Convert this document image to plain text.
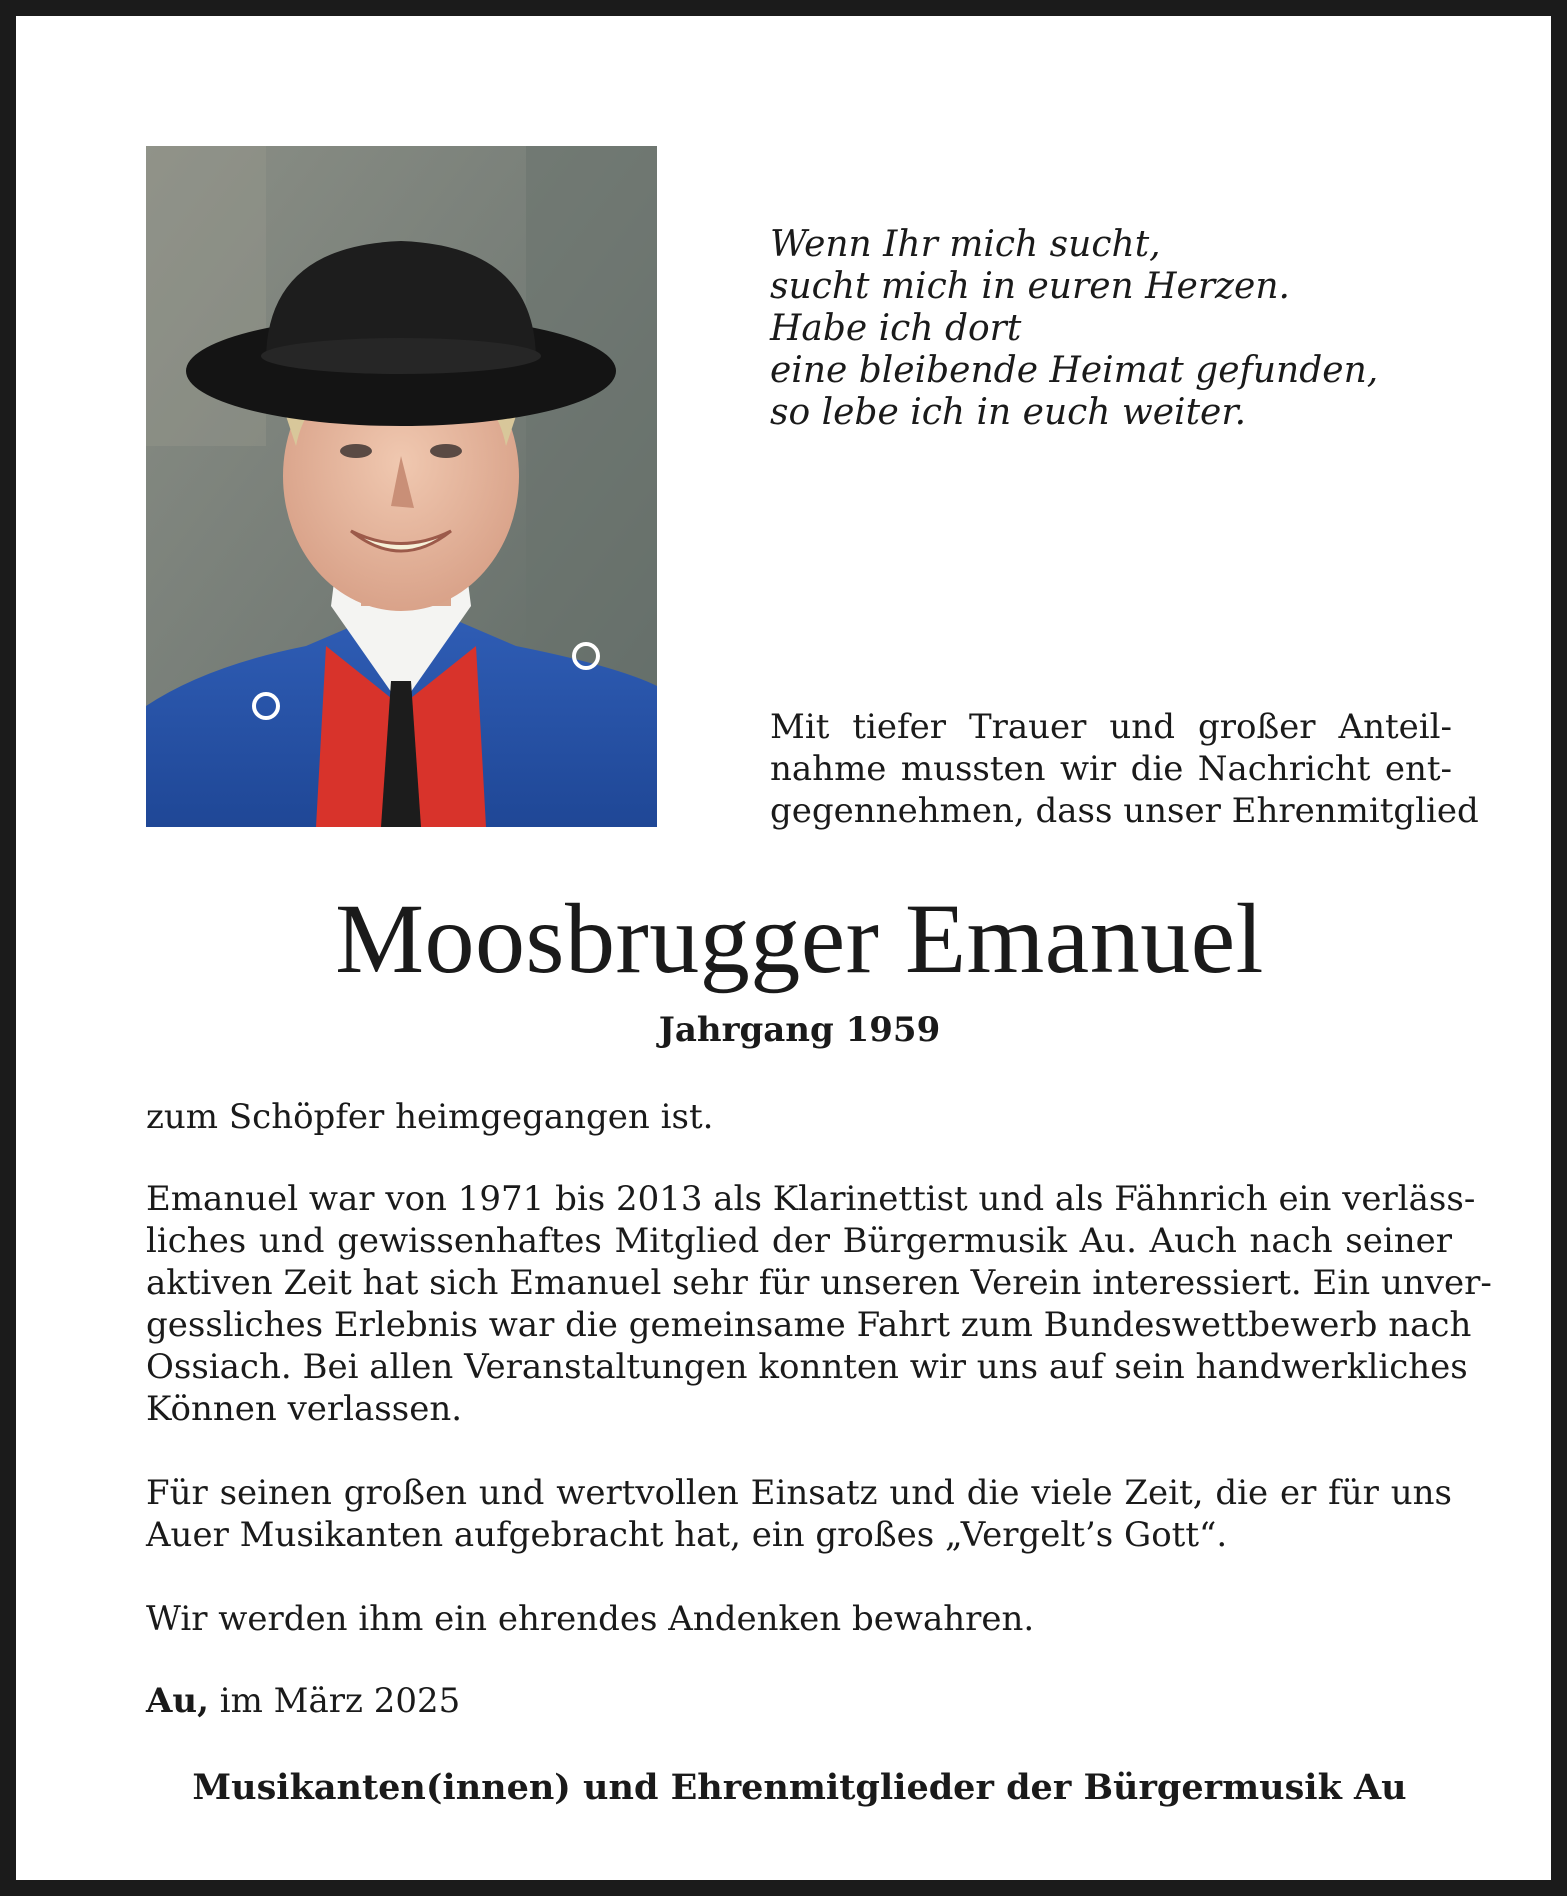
Wenn Ihr mich sucht,
sucht mich in euren Herzen.
Habe ich dort
eine bleibende Heimat gefunden,
so lebe ich in euch weiter.

Mit tiefer Trauer und großer Anteil-
nahme mussten wir die Nachricht ent-
gegennehmen, dass unser Ehrenmitglied

Moosbrugger Emanuel

Jahrgang 1959

zum Schöpfer heimgegangen ist.

Emanuel war von 1971 bis 2013 als Klarinettist und als Fähnrich ein verläss-
liches und gewissenhaftes Mitglied der Bürgermusik Au. Auch nach seiner
aktiven Zeit hat sich Emanuel sehr für unseren Verein interessiert. Ein unver-
gessliches Erlebnis war die gemeinsame Fahrt zum Bundeswettbewerb nach
Ossiach. Bei allen Veranstaltungen konnten wir uns auf sein handwerkliches
Können verlassen.

Für seinen großen und wertvollen Einsatz und die viele Zeit, die er für uns
Auer Musikanten aufgebracht hat, ein großes „Vergelt’s Gott“.

Wir werden ihm ein ehrendes Andenken bewahren.

Au, im März 2025

Musikanten(innen) und Ehrenmitglieder der Bürgermusik Au
